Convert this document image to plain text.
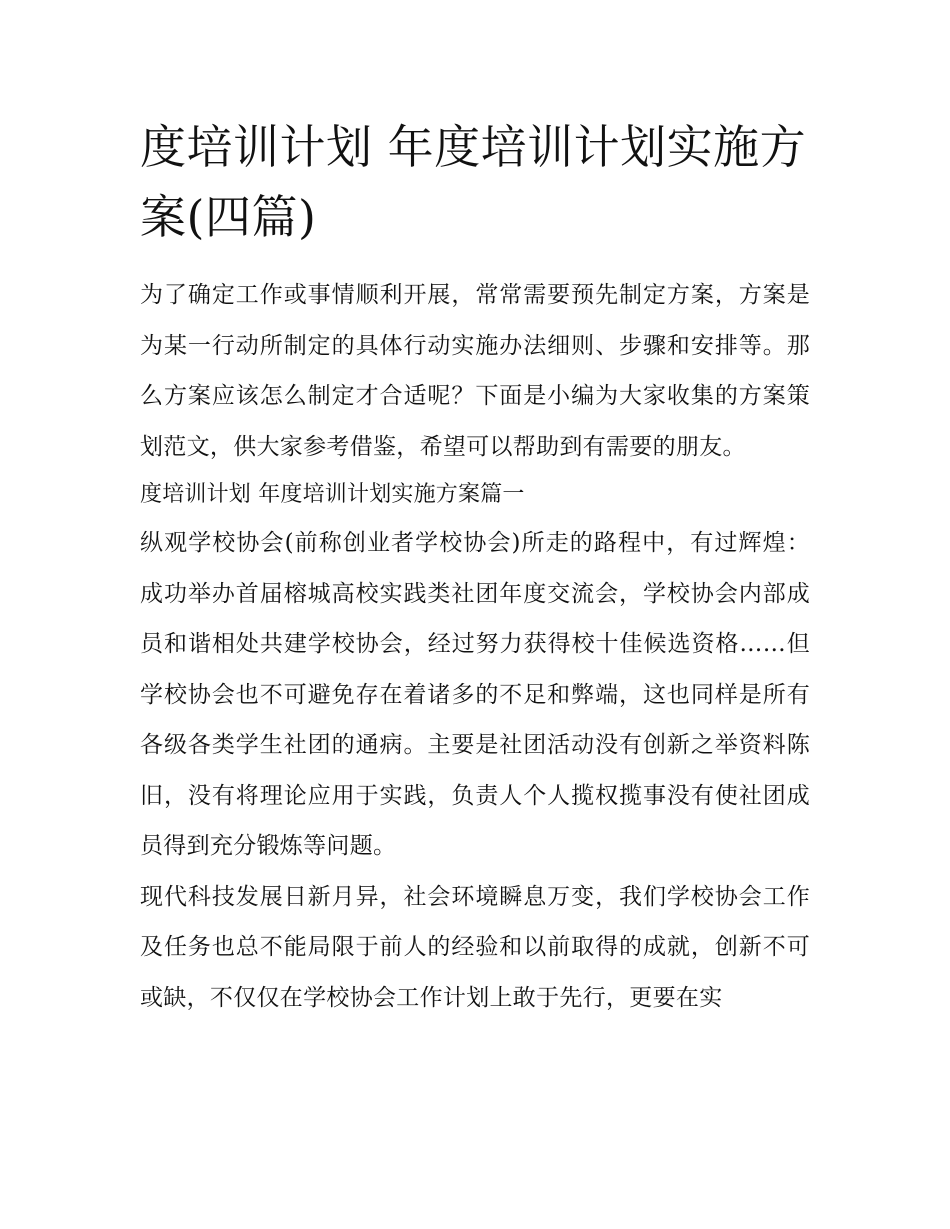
度培训计划 年度培训计划实施方案(四篇)

为了确定工作或事情顺利开展，常常需要预先制定方案，方案是为某一行动所制定的具体行动实施办法细则、步骤和安排等。那么方案应该怎么制定才合适呢？下面是小编为大家收集的方案策划范文，供大家参考借鉴，希望可以帮助到有需要的朋友。

度培训计划 年度培训计划实施方案篇一

纵观学校协会(前称创业者学校协会)所走的路程中，有过辉煌：成功举办首届榕城高校实践类社团年度交流会，学校协会内部成员和谐相处共建学校协会，经过努力获得校十佳候选资格……但学校协会也不可避免存在着诸多的不足和弊端，这也同样是所有各级各类学生社团的通病。主要是社团活动没有创新之举资料陈旧，没有将理论应用于实践，负责人个人揽权揽事没有使社团成员得到充分锻炼等问题。

现代科技发展日新月异，社会环境瞬息万变，我们学校协会工作及任务也总不能局限于前人的经验和以前取得的成就，创新不可或缺，不仅仅在学校协会工作计划上敢于先行，更要在实
